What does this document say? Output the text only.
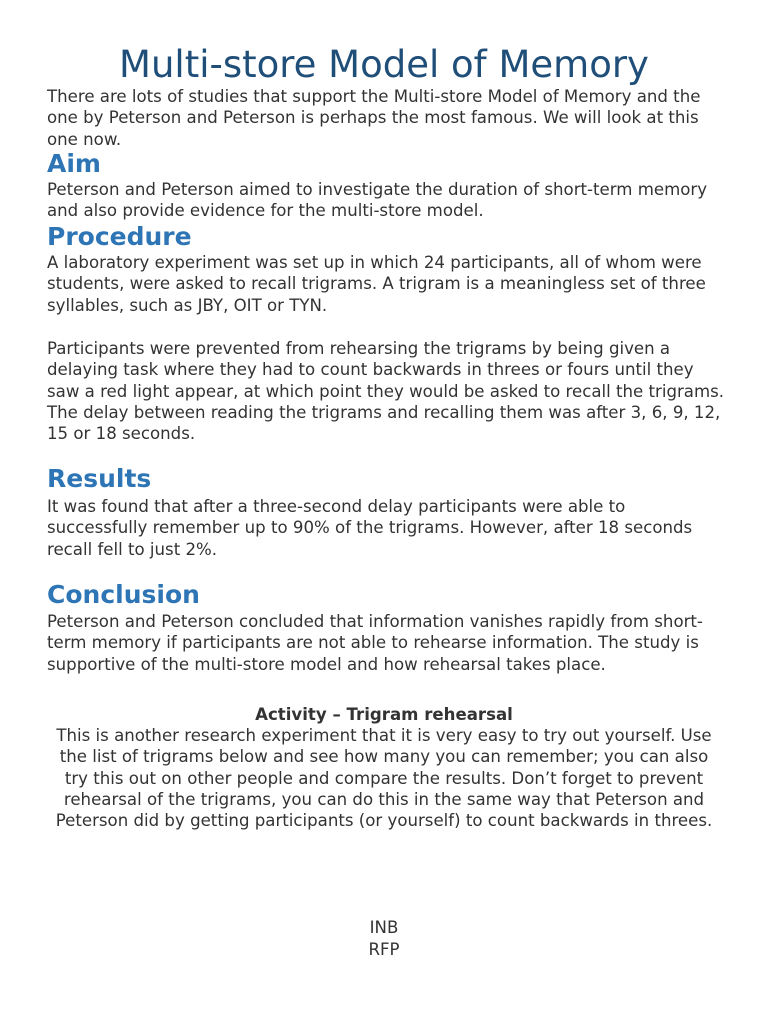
Multi-store Model of Memory

There are lots of studies that support the Multi-store Model of Memory and the one by Peterson and Peterson is perhaps the most famous. We will look at this one now.

Aim

Peterson and Peterson aimed to investigate the duration of short-term memory and also provide evidence for the multi-store model.

Procedure

A laboratory experiment was set up in which 24 participants, all of whom were students, were asked to recall trigrams. A trigram is a meaningless set of three syllables, such as JBY, OIT or TYN.

Participants were prevented from rehearsing the trigrams by being given a delaying task where they had to count backwards in threes or fours until they saw a red light appear, at which point they would be asked to recall the trigrams. The delay between reading the trigrams and recalling them was after 3, 6, 9, 12, 15 or 18 seconds.

Results

It was found that after a three-second delay participants were able to successfully remember up to 90% of the trigrams. However, after 18 seconds recall fell to just 2%.

Conclusion

Peterson and Peterson concluded that information vanishes rapidly from short-term memory if participants are not able to rehearse information. The study is supportive of the multi-store model and how rehearsal takes place.

Activity – Trigram rehearsal

This is another research experiment that it is very easy to try out yourself. Use the list of trigrams below and see how many you can remember; you can also try this out on other people and compare the results. Don’t forget to prevent rehearsal of the trigrams, you can do this in the same way that Peterson and Peterson did by getting participants (or yourself) to count backwards in threes.

INB
RFP
